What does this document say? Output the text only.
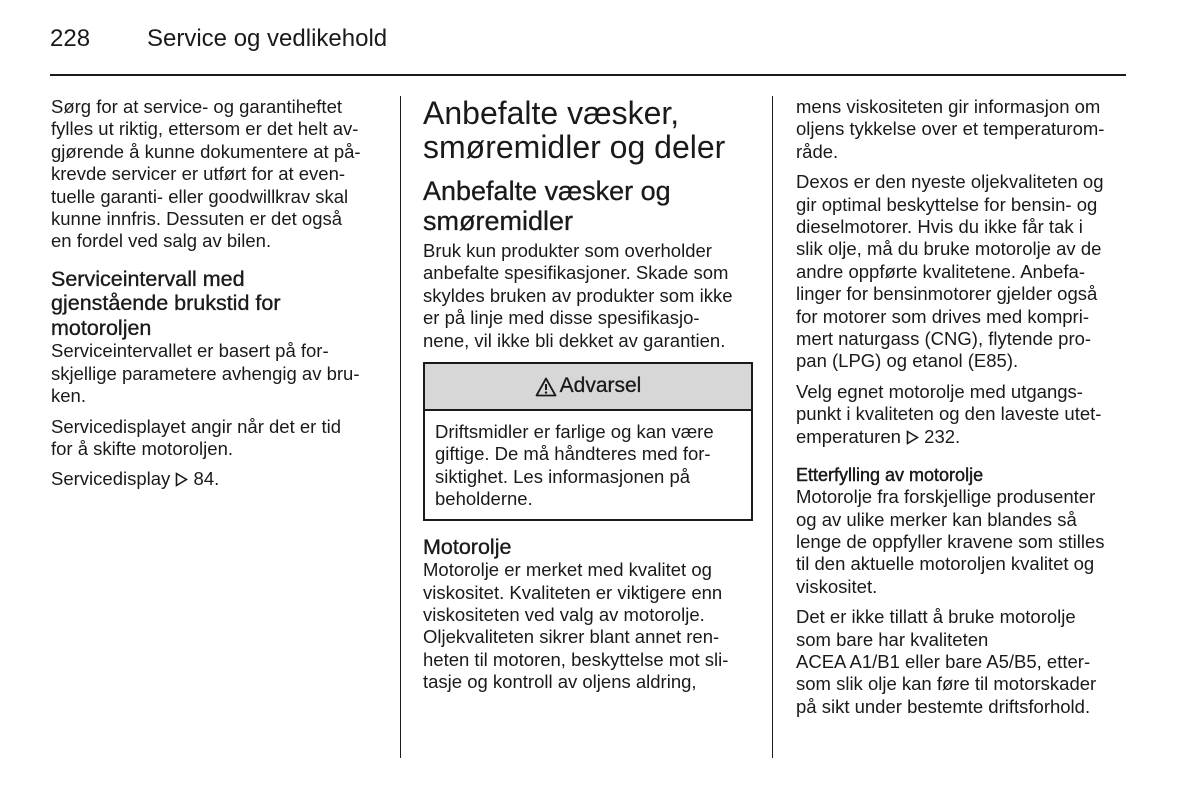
228	Service og vedlikehold

Sørg for at service- og garantiheftet
fylles ut riktig, ettersom er det helt av-
gjørende å kunne dokumentere at på-
krevde servicer er utført for at even-
tuelle garanti- eller goodwillkrav skal
kunne innfris. Dessuten er det også
en fordel ved salg av bilen.

Serviceintervall med
gjenstående brukstid for
motoroljen

Serviceintervallet er basert på for-
skjellige parametere avhengig av bru-
ken.

Servicedisplayet angir når det er tid
for å skifte motoroljen.

Servicedisplay  84.

Anbefalte væsker,
smøremidler og deler
Anbefalte væsker og
smøremidler

Bruk kun produkter som overholder
anbefalte spesifikasjoner. Skade som
skyldes bruken av produkter som ikke
er på linje med disse spesifikasjo-
nene, vil ikke bli dekket av garantien.

Advarsel
Driftsmidler er farlige og kan være
giftige. De må håndteres med for-
siktighet. Les informasjonen på
beholderne.
Motorolje

Motorolje er merket med kvalitet og
viskositet. Kvaliteten er viktigere enn
viskositeten ved valg av motorolje.
Oljekvaliteten sikrer blant annet ren-
heten til motoren, beskyttelse mot sli-
tasje og kontroll av oljens aldring,

mens viskositeten gir informasjon om
oljens tykkelse over et temperaturom-
råde.

Dexos er den nyeste oljekvaliteten og
gir optimal beskyttelse for bensin- og
dieselmotorer. Hvis du ikke får tak i
slik olje, må du bruke motorolje av de
andre oppførte kvalitetene. Anbefa-
linger for bensinmotorer gjelder også
for motorer som drives med kompri-
mert naturgass (CNG), flytende pro-
pan (LPG) og etanol (E85).

Velg egnet motorolje med utgangs-
punkt i kvaliteten og den laveste utet-
emperaturen  232.

Etterfylling av motorolje

Motorolje fra forskjellige produsenter
og av ulike merker kan blandes så
lenge de oppfyller kravene som stilles
til den aktuelle motoroljen kvalitet og
viskositet.

Det er ikke tillatt å bruke motorolje
som bare har kvaliteten
ACEA A1/B1 eller bare A5/B5, etter-
som slik olje kan føre til motorskader
på sikt under bestemte driftsforhold.
